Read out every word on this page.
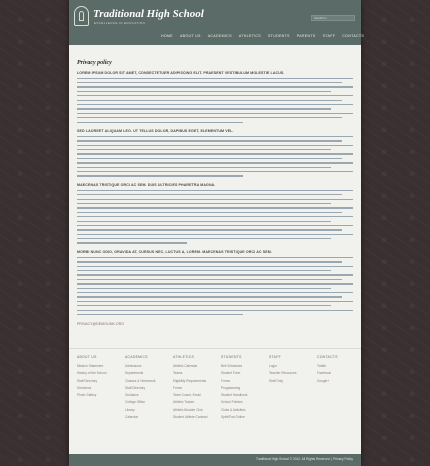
Traditional High School
EXCELLENCE IN EDUCATION
SEARCH
HOME ABOUT US ACADEMICS ATHLETICS STUDENTS PARENTS STAFF CONTACTS
Privacy policy
LOREM IPSUM DOLOR SIT AMET, CONSECTETUER ADIPISCING ELIT. PRAESENT VESTIBULUM MOLESTIE LACUS.
SED LAOREET ALIQUAM LEO. UT TELLUS DOLOR, DAPIBUS EGET, ELEMENTUM VEL.
MAECENAS TRISTIQUE ORCI AC SEM. DUIS ULTRICIES PHARETRA MAGNA.
MORBI NUNC ODIO, GRAVIDA AT, CURSUS NEC, LUCTUS A, LOREM. MAECENAS TRISTIQUE ORCI AC SEM.
PRIVACY@DEMOLINK.ORG
ABOUT US
Mission Statement
History of the School
Staff Directory
Directions
Photo Gallery
ACADEMICS
Admissions
Departments
Classes & Homework
Staff Directory
Guidance
College Office
Library
Calendar
ATHLETICS
Athletic Calendar
Teams
Eligibility Requirements
Forms
Team Coach, Email
Athletic Trainer
Athletic Booster Club
Student Athlete Contract
STUDENTS
Bell Schedules
Student Form
Forms
Programming
Student Handbook
School Policies
Clubs & Activities
Spirit/Fan Online
STAFF
Login
Teacher Resources
Staff Only
CONTACTS
Twitter
Facebook
Google+
Traditional High School © 2012. All Rights Reserved. | Privacy Policy
